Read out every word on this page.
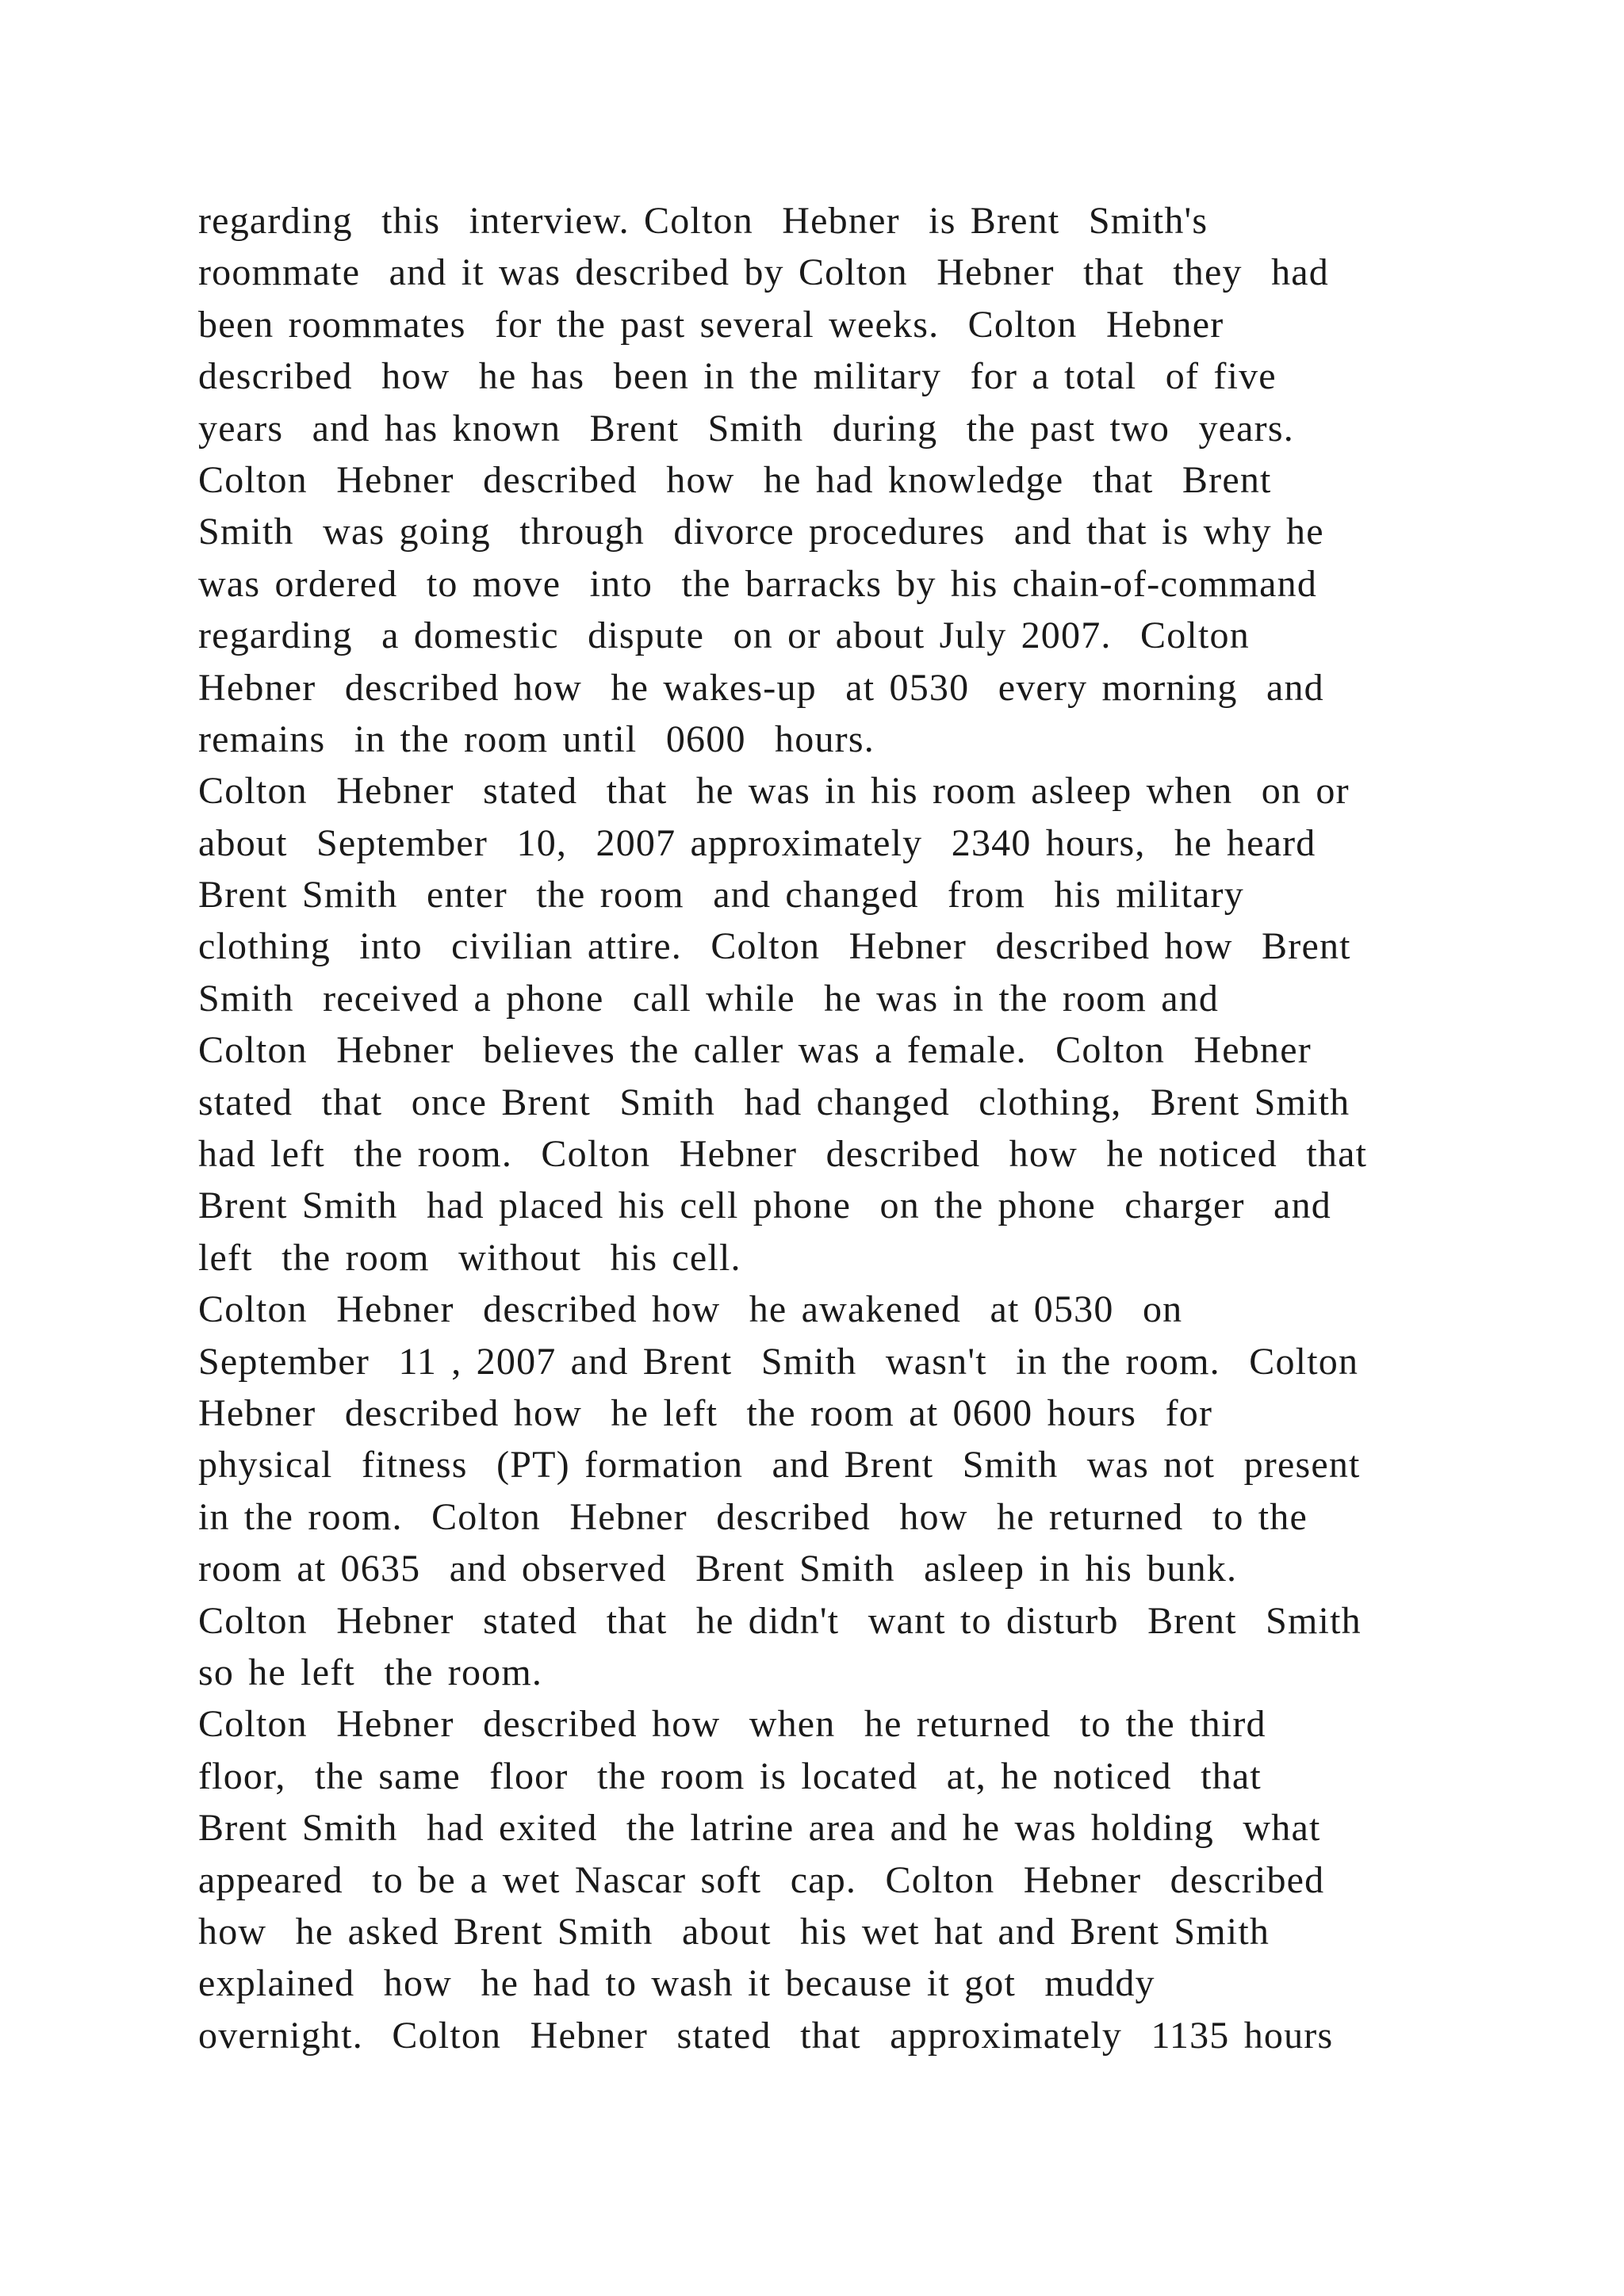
regarding  this  interview. Colton  Hebner  is Brent  Smith's
roommate  and it was described by Colton  Hebner  that  they  had
been roommates  for the past several weeks.  Colton  Hebner
described  how  he has  been in the military  for a total  of five
years  and has known  Brent  Smith  during  the past two  years.
Colton  Hebner  described  how  he had knowledge  that  Brent
Smith  was going  through  divorce procedures  and that is why he
was ordered  to move  into  the barracks by his chain-of-command
regarding  a domestic  dispute  on or about July 2007.  Colton
Hebner  described how  he wakes-up  at 0530  every morning  and
remains  in the room until  0600  hours.
Colton  Hebner  stated  that  he was in his room asleep when  on or
about  September  10,  2007 approximately  2340 hours,  he heard
Brent Smith  enter  the room  and changed  from  his military
clothing  into  civilian attire.  Colton  Hebner  described how  Brent
Smith  received a phone  call while  he was in the room and
Colton  Hebner  believes the caller was a female.  Colton  Hebner
stated  that  once Brent  Smith  had changed  clothing,  Brent Smith
had left  the room.  Colton  Hebner  described  how  he noticed  that
Brent Smith  had placed his cell phone  on the phone  charger  and
left  the room  without  his cell.
Colton  Hebner  described how  he awakened  at 0530  on
September  11 , 2007 and Brent  Smith  wasn't  in the room.  Colton
Hebner  described how  he left  the room at 0600 hours  for
physical  fitness  (PT) formation  and Brent  Smith  was not  present
in the room.  Colton  Hebner  described  how  he returned  to the
room at 0635  and observed  Brent Smith  asleep in his bunk.
Colton  Hebner  stated  that  he didn't  want to disturb  Brent  Smith
so he left  the room.
Colton  Hebner  described how  when  he returned  to the third
floor,  the same  floor  the room is located  at, he noticed  that
Brent Smith  had exited  the latrine area and he was holding  what
appeared  to be a wet Nascar soft  cap.  Colton  Hebner  described
how  he asked Brent Smith  about  his wet hat and Brent Smith
explained  how  he had to wash it because it got  muddy
overnight.  Colton  Hebner  stated  that  approximately  1135 hours
